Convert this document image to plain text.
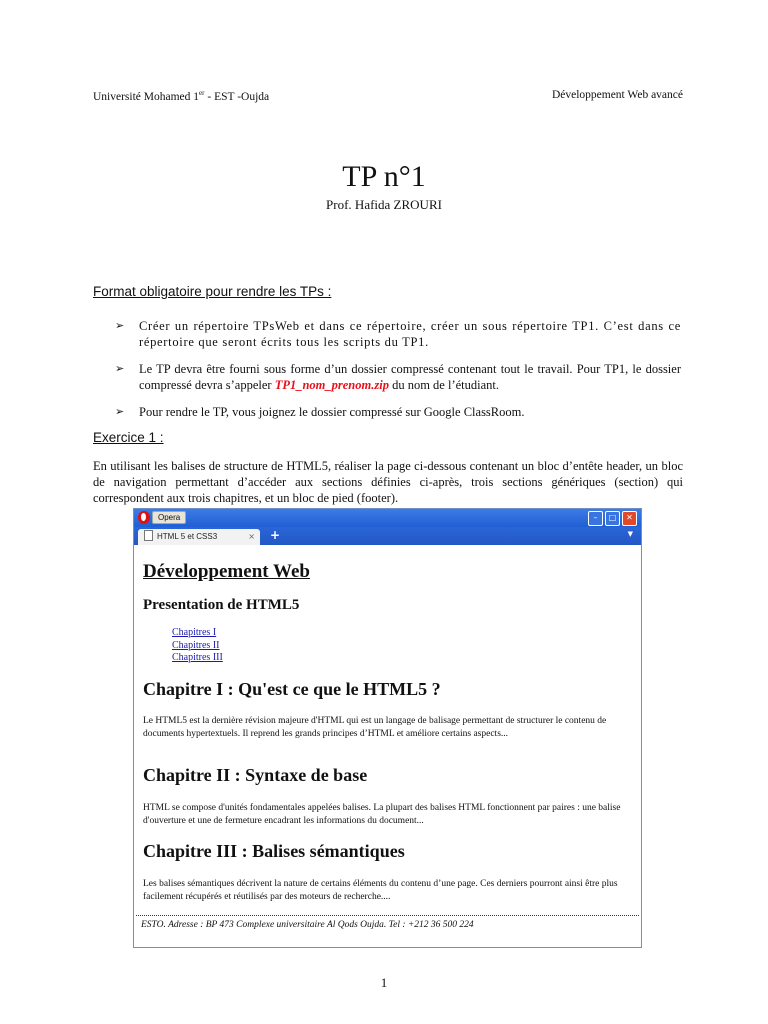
Université Mohamed 1er - EST -Oujda	Développement Web avancé
TP n°1
Prof. Hafida ZROURI
Format obligatoire pour rendre les TPs :
➢ Créer un répertoire TPsWeb et dans ce répertoire, créer un sous répertoire TP1. C’est dans ce répertoire que seront écrits tous les scripts du TP1.
➢ Le TP devra être fourni sous forme d’un dossier compressé contenant tout le travail. Pour TP1, le dossier compressé devra s’appeler TP1_nom_prenom.zip du nom de l’étudiant.
➢ Pour rendre le TP, vous joignez le dossier compressé sur Google ClassRoom.
Exercice 1 :

En utilisant les balises de structure de HTML5, réaliser la page ci-dessous contenant un bloc d’entête header, un bloc de navigation permettant d’accéder aux sections définies ci-après, trois sections génériques (section) qui correspondent aux trois chapitres, et un bloc de pied (footer).

Opera	–	□	✕
HTML 5 et CSS3	× +	▼
Développement Web
Presentation de HTML5
Chapitres I
Chapitres II
Chapitres III
Chapitre I : Qu'est ce que le HTML5 ?

Le HTML5 est la dernière révision majeure d'HTML qui est un langage de balisage permettant de structurer le contenu de documents hypertextuels. Il reprend les grands principes d’HTML et améliore certains aspects...

Chapitre II : Syntaxe de base

HTML se compose d'unités fondamentales appelées balises. La plupart des balises HTML fonctionnent par paires : une balise d'ouverture et une de fermeture encadrant les informations du document...

Chapitre III : Balises sémantiques

Les balises sémantiques décrivent la nature de certains éléments du contenu d’une page. Ces derniers pourront ainsi être plus facilement récupérés et réutilisés par des moteurs de recherche....

ESTO. Adresse : BP 473 Complexe universitaire Al Qods Oujda. Tel : +212 36 500 224
1
